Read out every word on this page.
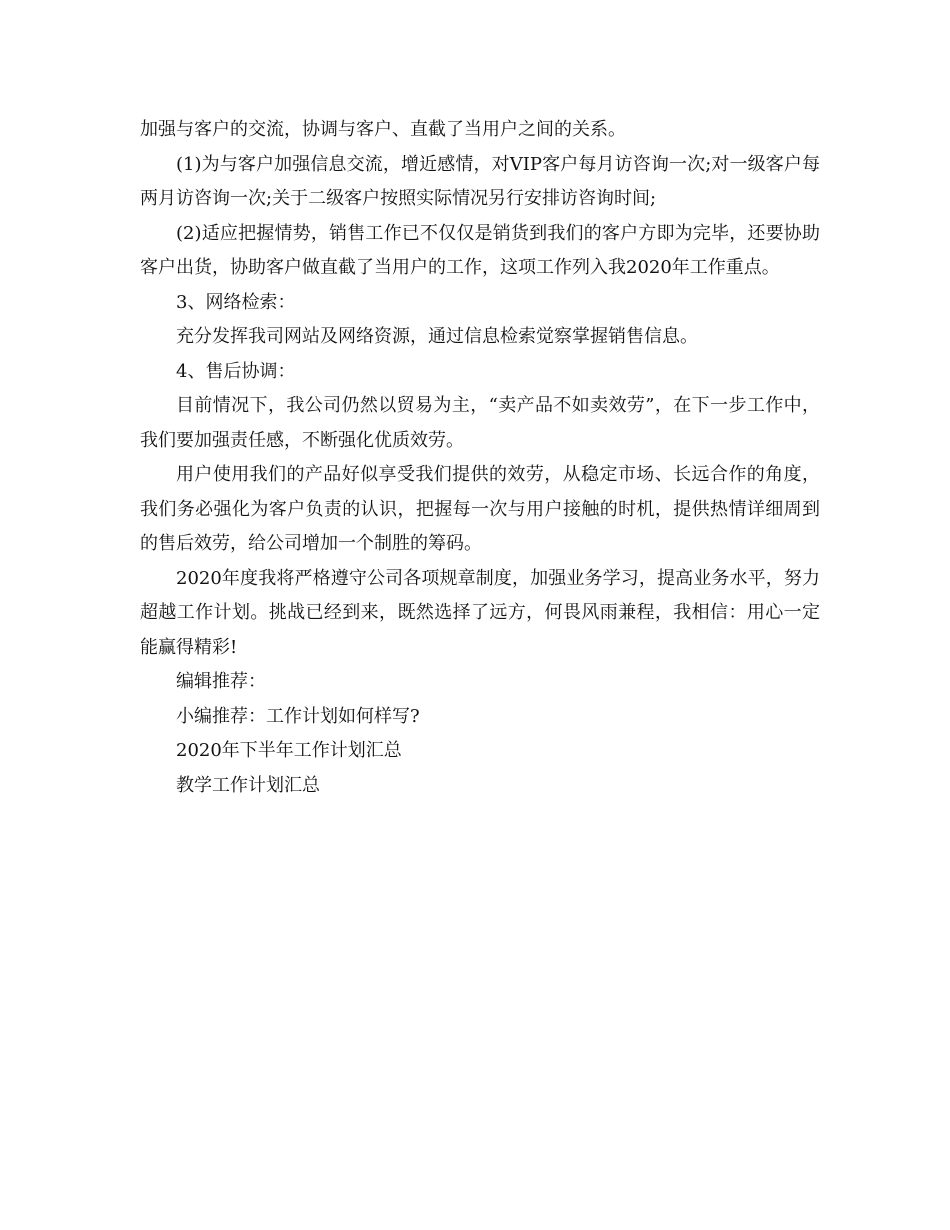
加强与客户的交流，协调与客户、直截了当用户之间的关系。

(1)为与客户加强信息交流，增近感情，对VIP客户每月访咨询一次;对一级客户每两月访咨询一次;关于二级客户按照实际情况另行安排访咨询时间;

(2)适应把握情势，销售工作已不仅仅是销货到我们的客户方即为完毕，还要协助客户出货，协助客户做直截了当用户的工作，这项工作列入我2020年工作重点。

3、网络检索：

充分发挥我司网站及网络资源，通过信息检索觉察掌握销售信息。

4、售后协调：

目前情况下，我公司仍然以贸易为主，“卖产品不如卖效劳”，在下一步工作中，我们要加强责任感，不断强化优质效劳。

用户使用我们的产品好似享受我们提供的效劳，从稳定市场、长远合作的角度，我们务必强化为客户负责的认识，把握每一次与用户接触的时机，提供热情详细周到的售后效劳，给公司增加一个制胜的筹码。

2020年度我将严格遵守公司各项规章制度，加强业务学习，提高业务水平，努力超越工作计划。挑战已经到来，既然选择了远方，何畏风雨兼程，我相信：用心一定能赢得精彩!

编辑推荐：

小编推荐：工作计划如何样写?

2020年下半年工作计划汇总

教学工作计划汇总
